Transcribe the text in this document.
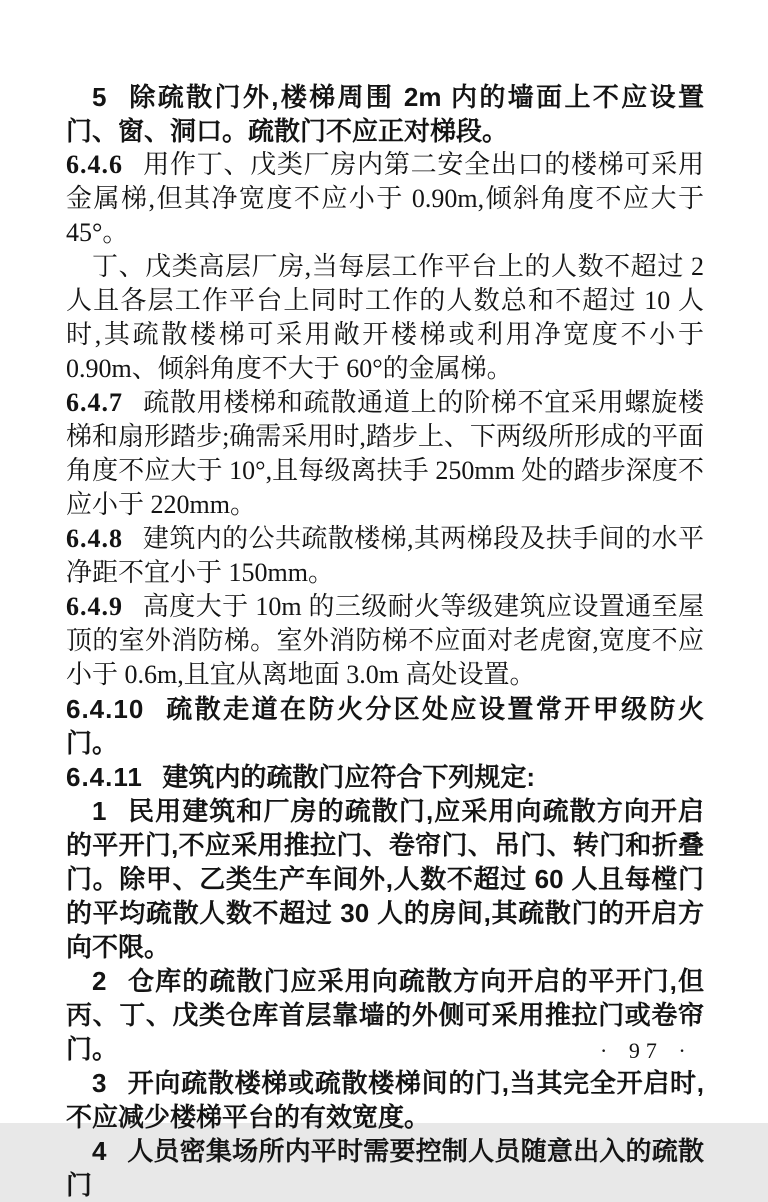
5 除疏散门外,楼梯周围 2m 内的墙面上不应设置门、窗、洞口。疏散门不应正对梯段。

6.4.6 用作丁、戊类厂房内第二安全出口的楼梯可采用金属梯,但其净宽度不应小于 0.90m,倾斜角度不应大于 45°。

丁、戊类高层厂房,当每层工作平台上的人数不超过 2 人且各层工作平台上同时工作的人数总和不超过 10 人时,其疏散楼梯可采用敞开楼梯或利用净宽度不小于 0.90m、倾斜角度不大于 60°的金属梯。

6.4.7 疏散用楼梯和疏散通道上的阶梯不宜采用螺旋楼梯和扇形踏步;确需采用时,踏步上、下两级所形成的平面角度不应大于 10°,且每级离扶手 250mm 处的踏步深度不应小于 220mm。

6.4.8 建筑内的公共疏散楼梯,其两梯段及扶手间的水平净距不宜小于 150mm。

6.4.9 高度大于 10m 的三级耐火等级建筑应设置通至屋顶的室外消防梯。室外消防梯不应面对老虎窗,宽度不应小于 0.6m,且宜从离地面 3.0m 高处设置。

6.4.10 疏散走道在防火分区处应设置常开甲级防火门。

6.4.11 建筑内的疏散门应符合下列规定:

1 民用建筑和厂房的疏散门,应采用向疏散方向开启的平开门,不应采用推拉门、卷帘门、吊门、转门和折叠门。除甲、乙类生产车间外,人数不超过 60 人且每樘门的平均疏散人数不超过 30 人的房间,其疏散门的开启方向不限。

2 仓库的疏散门应采用向疏散方向开启的平开门,但丙、丁、戊类仓库首层靠墙的外侧可采用推拉门或卷帘门。

3 开向疏散楼梯或疏散楼梯间的门,当其完全开启时,不应减少楼梯平台的有效宽度。

4 人员密集场所内平时需要控制人员随意出入的疏散门

· 97 ·
